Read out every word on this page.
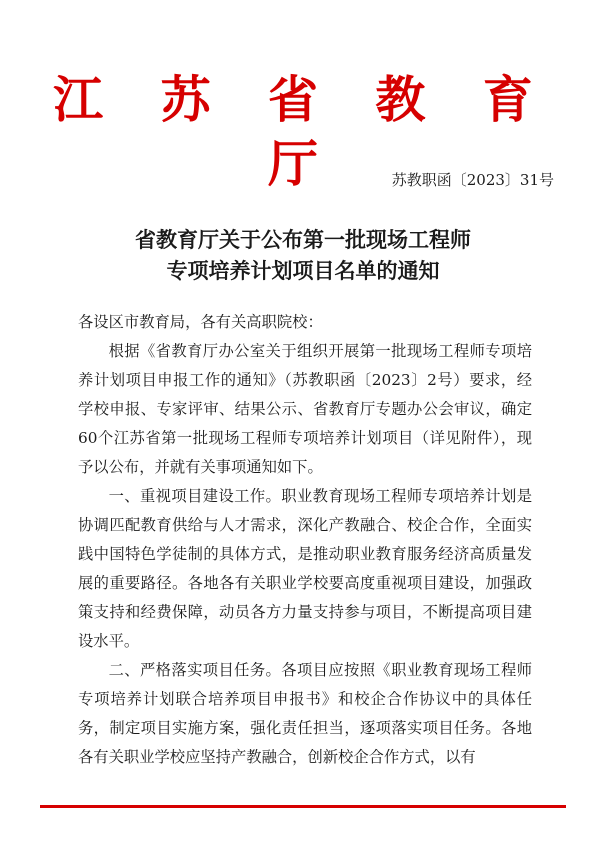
江 苏 省 教 育 厅	苏教职函〔2023〕31号
省教育厅关于公布第一批现场工程师
专项培养计划项目名单的通知

各设区市教育局，各有关高职院校：

根据《省教育厅办公室关于组织开展第一批现场工程师专项培养计划项目申报工作的通知》（苏教职函〔2023〕2号）要求，经学校申报、专家评审、结果公示、省教育厅专题办公会审议，确定60个江苏省第一批现场工程师专项培养计划项目（详见附件），现予以公布，并就有关事项通知如下。

一、重视项目建设工作。职业教育现场工程师专项培养计划是协调匹配教育供给与人才需求，深化产教融合、校企合作，全面实践中国特色学徒制的具体方式，是推动职业教育服务经济高质量发展的重要路径。各地各有关职业学校要高度重视项目建设，加强政策支持和经费保障，动员各方力量支持参与项目，不断提高项目建设水平。

二、严格落实项目任务。各项目应按照《职业教育现场工程师专项培养计划联合培养项目申报书》和校企合作协议中的具体任务，制定项目实施方案，强化责任担当，逐项落实项目任务。各地各有关职业学校应坚持产教融合，创新校企合作方式，以有
